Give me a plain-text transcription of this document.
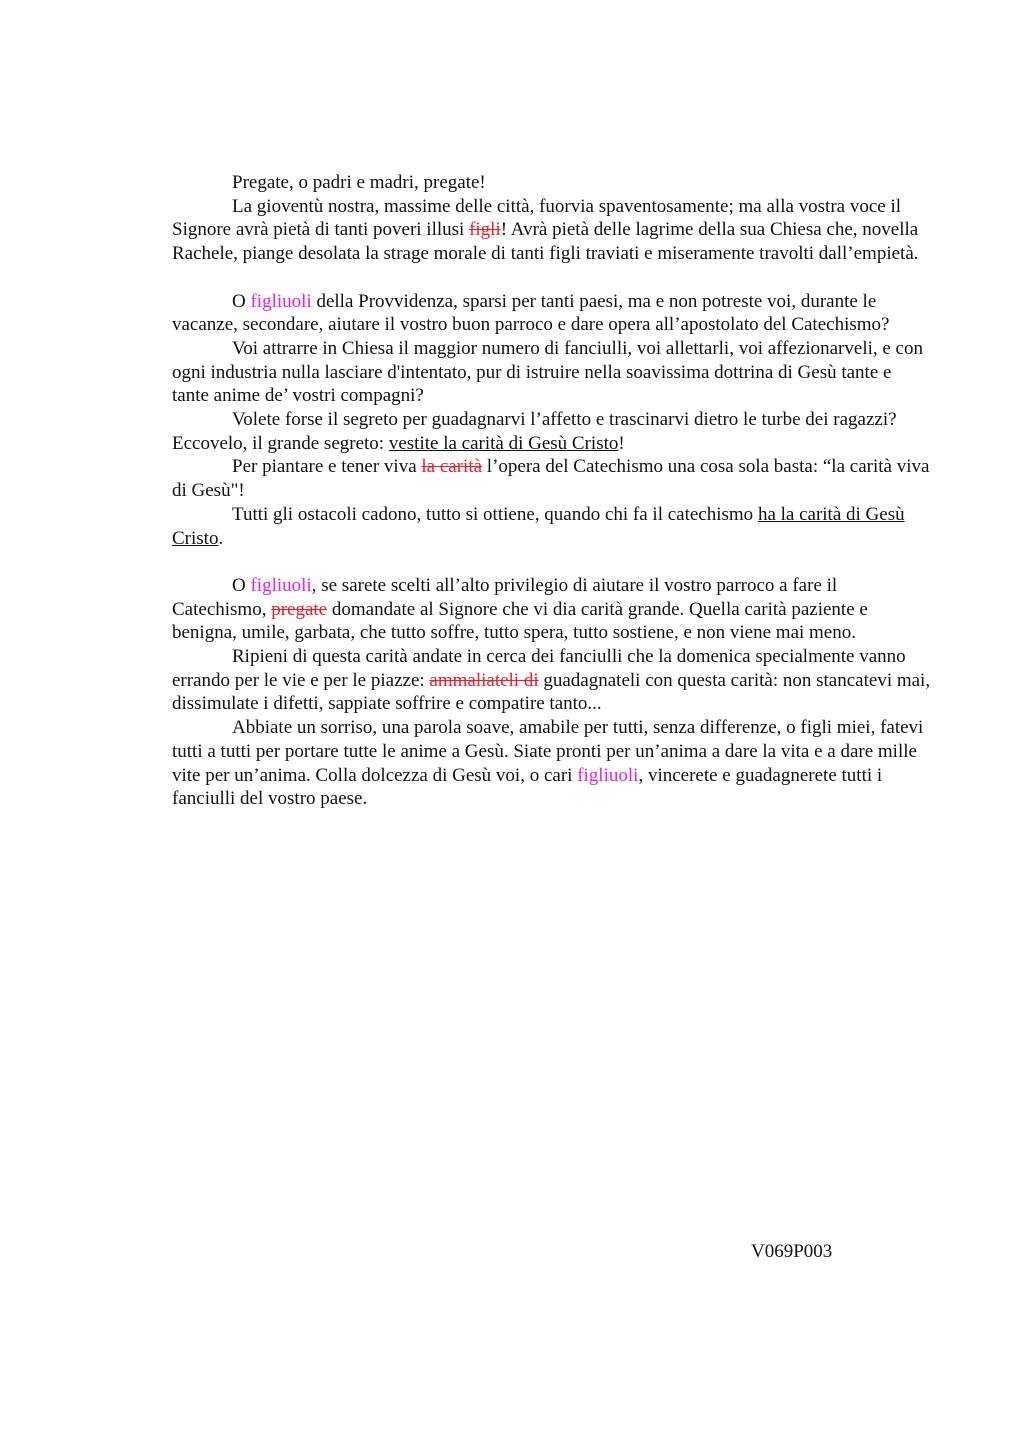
Pregate, o padri e madri, pregate!

La gioventù nostra, massime delle città, fuorvia spaventosamente; ma alla vostra voce il Signore avrà pietà di tanti poveri illusi figli! Avrà pietà delle lagrime della sua Chiesa che, novella Rachele, piange desolata la strage morale di tanti figli traviati e miseramente travolti dall’empietà.

O figliuoli della Provvidenza, sparsi per tanti paesi, ma e non potreste voi, durante le vacanze, secondare, aiutare il vostro buon parroco e dare opera all’apostolato del Catechismo?

Voi attrarre in Chiesa il maggior numero di fanciulli, voi allettarli, voi affezionarveli, e con ogni industria nulla lasciare d'intentato, pur di istruire nella soavissima dottrina di Gesù tante e tante anime de’ vostri compagni?

Volete forse il segreto per guadagnarvi l’affetto e trascinarvi dietro le turbe dei ragazzi? Eccovelo, il grande segreto: vestite la carità di Gesù Cristo!

Per piantare e tener viva la carità l’opera del Catechismo una cosa sola basta: “la carità viva di Gesù"!

Tutti gli ostacoli cadono, tutto si ottiene, quando chi fa il catechismo ha la carità di Gesù Cristo.

O figliuoli, se sarete scelti all’alto privilegio di aiutare il vostro parroco a fare il Catechismo, pregate domandate al Signore che vi dia carità grande. Quella carità paziente e benigna, umile, garbata, che tutto soffre, tutto spera, tutto sostiene, e non viene mai meno.

Ripieni di questa carità andate in cerca dei fanciulli che la domenica specialmente vanno errando per le vie e per le piazze: ammaliateli di guadagnateli con questa carità: non stancatevi mai, dissimulate i difetti, sappiate soffrire e compatire tanto...

Abbiate un sorriso, una parola soave, amabile per tutti, senza differenze, o figli miei, fatevi tutti a tutti per portare tutte le anime a Gesù. Siate pronti per un’anima a dare la vita e a dare mille vite per un’anima. Colla dolcezza di Gesù voi, o cari figliuoli, vincerete e guadagnerete tutti i fanciulli del vostro paese.

V069P003
